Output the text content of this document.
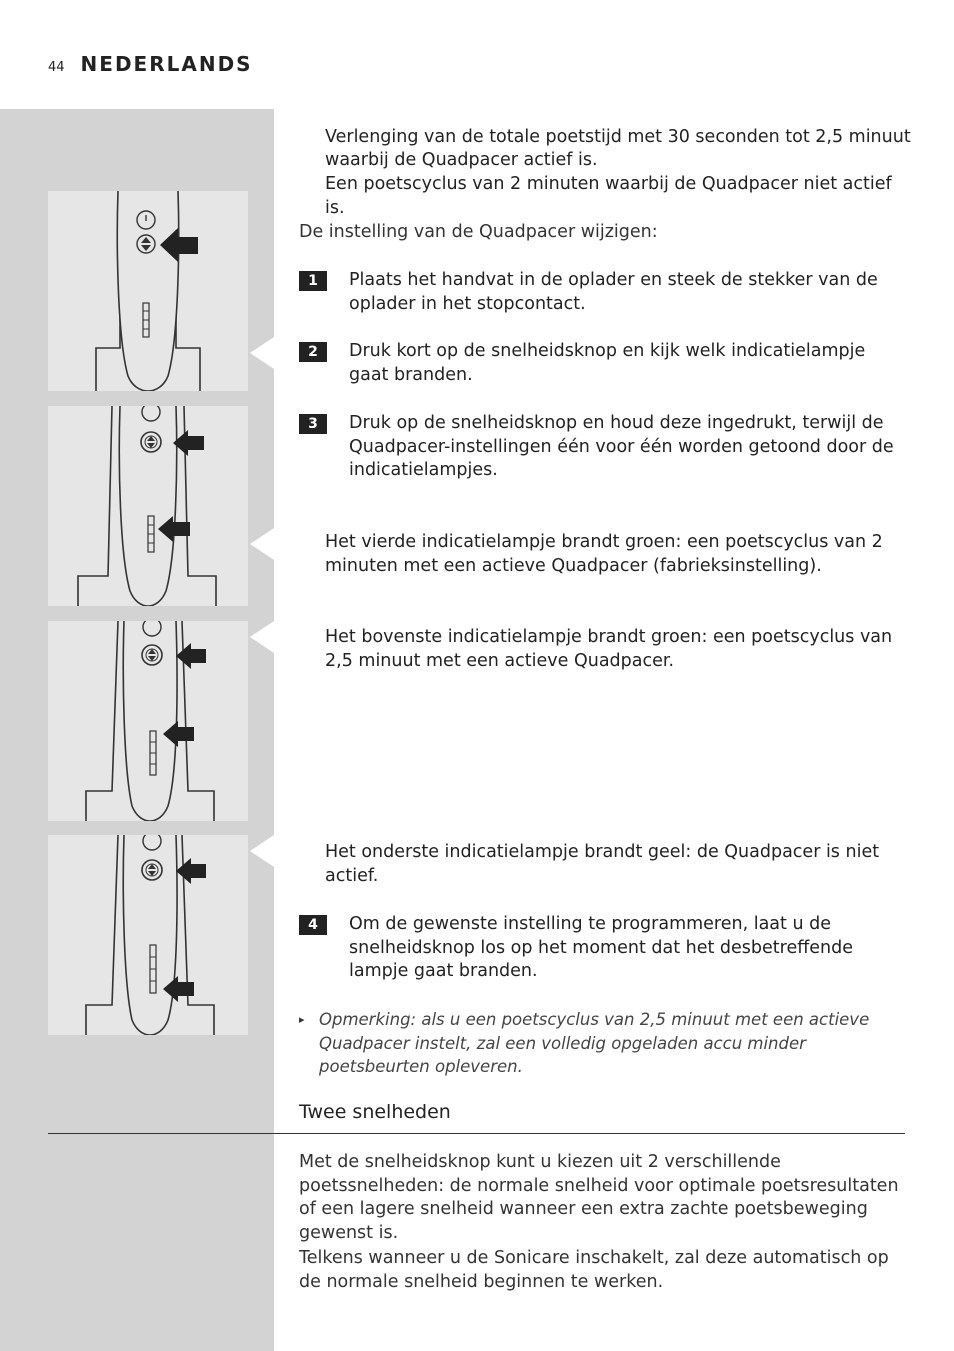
44 NEDERLANDS
Verlenging van de totale poetstijd met 30 seconden tot 2,5 minuut
waarbij de Quadpacer actief is.
Een poetscyclus van 2 minuten waarbij de Quadpacer niet actief is.
De instelling van de Quadpacer wijzigen:
1	Plaats het handvat in de oplader en steek de stekker van de oplader in het stopcontact.
2	Druk kort op de snelheidsknop en kijk welk indicatielampje gaat branden.
3	Druk op de snelheidsknop en houd deze ingedrukt, terwijl de Quadpacer-instellingen één voor één worden getoond door de indicatielampjes.
Het vierde indicatielampje brandt groen: een poetscyclus van 2 minuten met een actieve Quadpacer (fabrieksinstelling).
Het bovenste indicatielampje brandt groen: een poetscyclus van 2,5 minuut met een actieve Quadpacer.
Het onderste indicatielampje brandt geel: de Quadpacer is niet actief.
4	Om de gewenste instelling te programmeren, laat u de snelheidsknop los op het moment dat het desbetreffende lampje gaat branden.
▸ Opmerking: als u een poetscyclus van 2,5 minuut met een actieve Quadpacer instelt, zal een volledig opgeladen accu minder poetsbeurten opleveren.
Twee snelheden
Met de snelheidsknop kunt u kiezen uit 2 verschillende poetssnelheden: de normale snelheid voor optimale poetsresultaten of een lagere snelheid wanneer een extra zachte poetsbeweging gewenst is.
Telkens wanneer u de Sonicare inschakelt, zal deze automatisch op de normale snelheid beginnen te werken.
